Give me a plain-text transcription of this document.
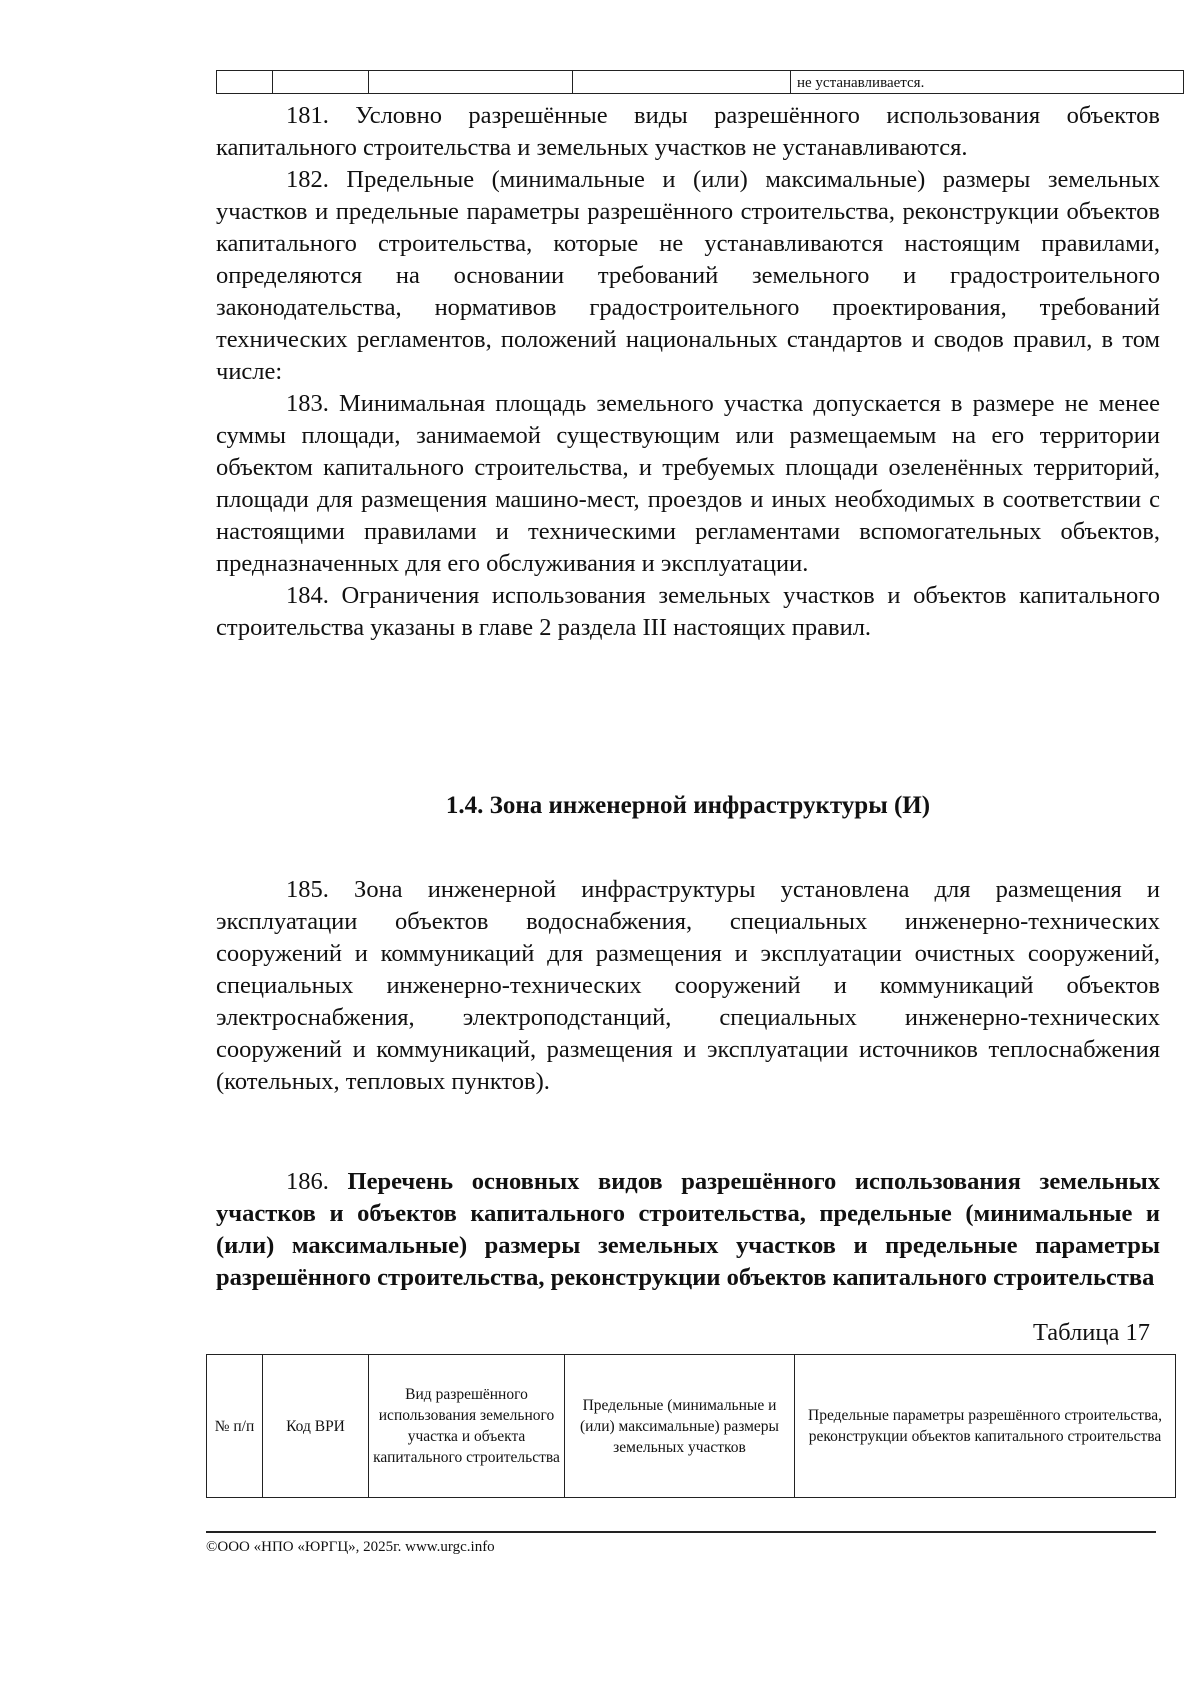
				не устанавливается.

181. Условно разрешённые виды разрешённого использования объектов капитального строительства и земельных участков не устанавливаются.

182. Предельные (минимальные и (или) максимальные) размеры земельных участков и предельные параметры разрешённого строительства, реконструкции объектов капитального строительства, которые не устанавливаются настоящим правилами, определяются на основании требований земельного и градостроительного законодательства, нормативов градостроительного проектирования, требований технических регламентов, положений национальных стандартов и сводов правил, в том числе:

183. Минимальная площадь земельного участка допускается в размере не менее суммы площади, занимаемой существующим или размещаемым на его территории объектом капитального строительства, и требуемых площади озеленённых территорий, площади для размещения машино-мест, проездов и иных необходимых в соответствии с настоящими правилами и техническими регламентами вспомогательных объектов, предназначенных для его обслуживания и эксплуатации.

184. Ограничения использования земельных участков и объектов капитального строительства указаны в главе 2 раздела III настоящих правил.

1.4. Зона инженерной инфраструктуры (И)

185. Зона инженерной инфраструктуры установлена для размещения и эксплуатации объектов водоснабжения, специальных инженерно-технических сооружений и коммуникаций для размещения и эксплуатации очистных сооружений, специальных инженерно-технических сооружений и коммуникаций объектов электроснабжения, электроподстанций, специальных инженерно-технических сооружений и коммуникаций, размещения и эксплуатации источников теплоснабжения (котельных, тепловых пунктов).

186. Перечень основных видов разрешённого использования земельных участков и объектов капитального строительства, предельные (минимальные и (или) максимальные) размеры земельных участков и предельные параметры разрешённого строительства, реконструкции объектов капитального строительства

Таблица 17
№ п/п	Код ВРИ	Вид разрешённого использования земельного участка и объекта капитального строительства	Предельные (минимальные и (или) максимальные) размеры земельных участков	Предельные параметры разрешённого строительства, реконструкции объектов капитального строительства
©ООО «НПО «ЮРГЦ», 2025г. www.urgc.info
